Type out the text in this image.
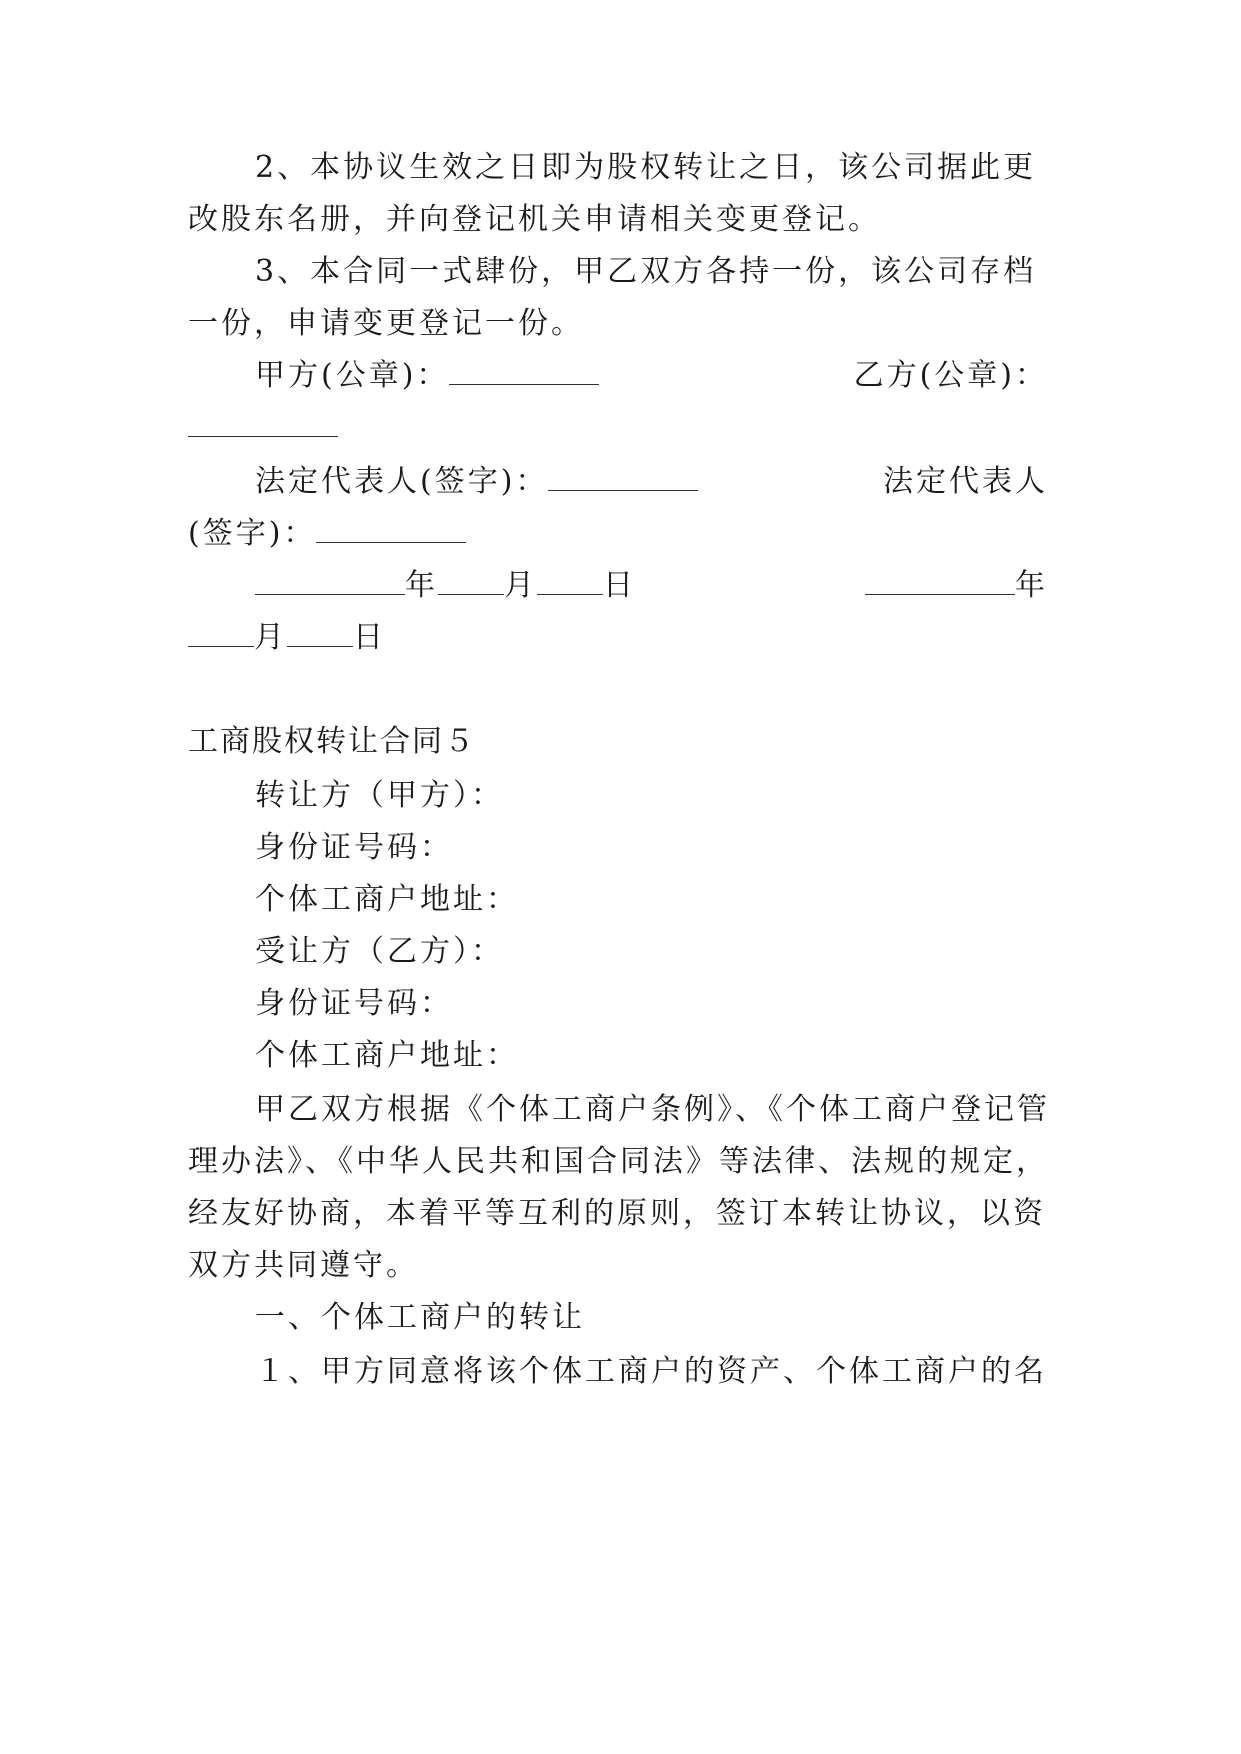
2、本协议生效之日即为股权转让之日，该公司据此更
改股东名册，并向登记机关申请相关变更登记。
3、本合同一式肆份，甲乙双方各持一份，该公司存档
一份，申请变更登记一份。
甲方(公章)：	乙方(公章)：
法定代表人(签字)：	法定代表人
(签字)：
年 月 日	年
月 日
工商股权转让合同５
转让方（甲方）：
身份证号码：
个体工商户地址：
受让方（乙方）：
身份证号码：
个体工商户地址：
甲乙双方根据《个体工商户条例》、《个体工商户登记管
理办法》、《中华人民共和国合同法》等法律、法规的规定，
经友好协商，本着平等互利的原则，签订本转让协议，以资
双方共同遵守。
一、个体工商户的转让
１、甲方同意将该个体工商户的资产、个体工商户的名
